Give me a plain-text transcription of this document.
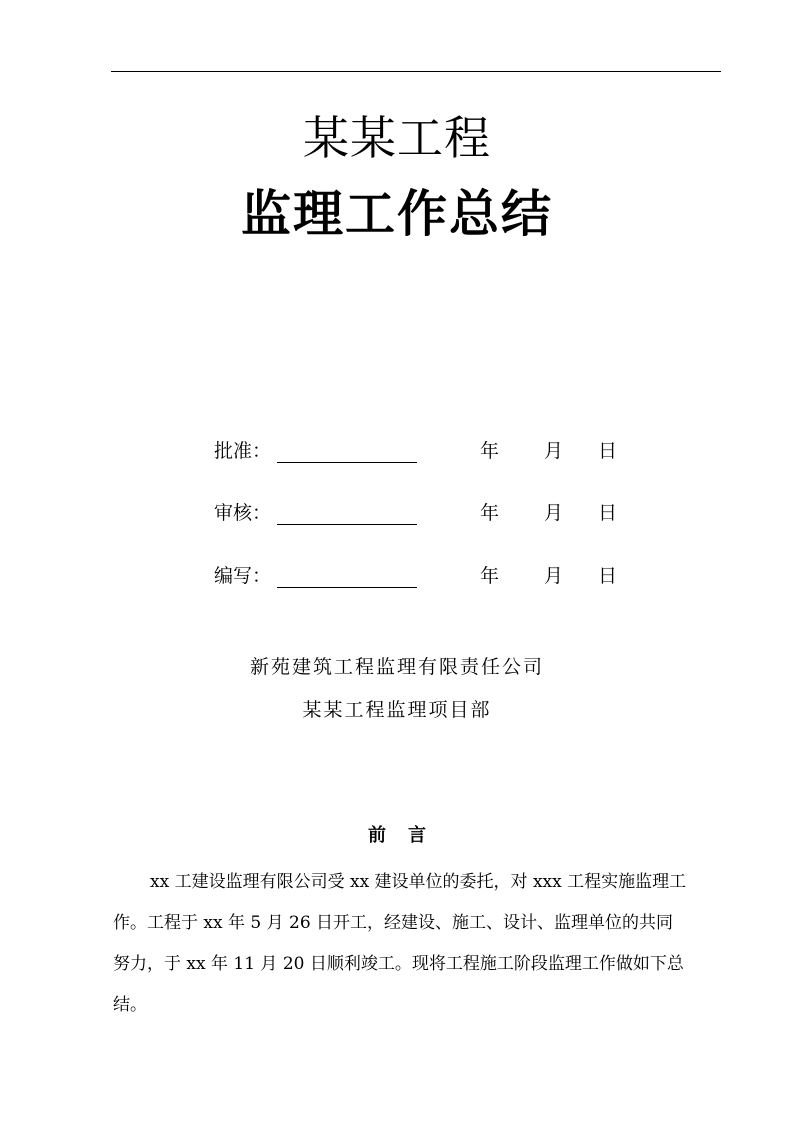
某某工程
监理工作总结
批准：	年 月 日
审核：	年 月 日
编写：	年 月 日
新苑建筑工程监理有限责任公司
某某工程监理项目部
前 言
xx 工建设监理有限公司受 xx 建设单位的委托，对 xxx 工程实施监理工
作。工程于 xx 年 5 月 26 日开工，经建设、施工、设计、监理单位的共同
努力，于 xx 年 11 月 20 日顺利竣工。现将工程施工阶段监理工作做如下总
结。
